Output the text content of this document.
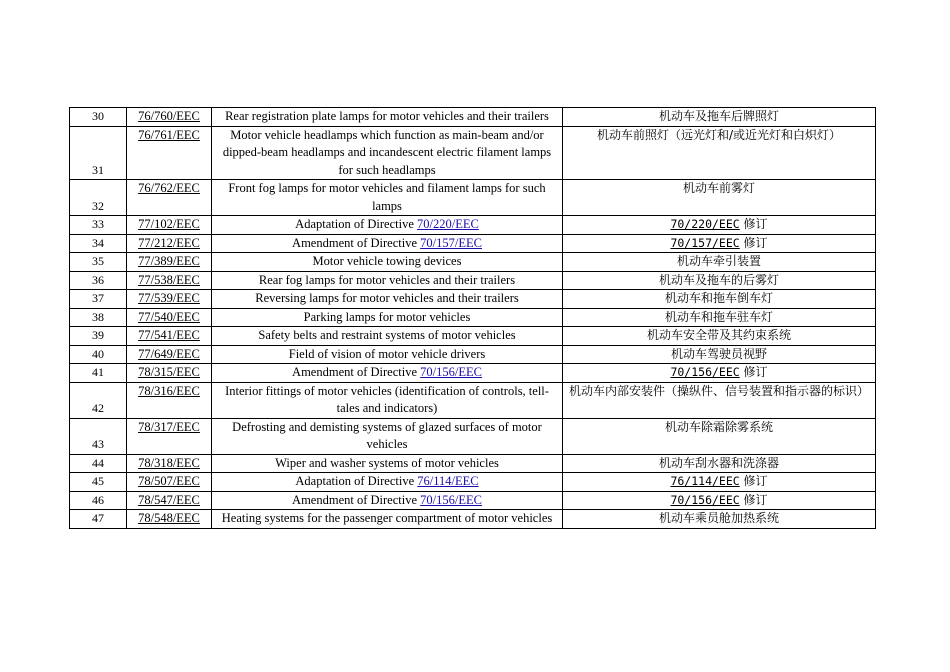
30	76/760/EEC	Rear registration plate lamps for motor vehicles and their trailers	机动车及拖车后牌照灯
31	76/761/EEC	Motor vehicle headlamps which function as main-beam and/or dipped-beam headlamps and incandescent electric filament lamps for such headlamps	机动车前照灯（远光灯和/或近光灯和白炽灯）
32	76/762/EEC	Front fog lamps for motor vehicles and filament lamps for such lamps	机动车前雾灯
33	77/102/EEC	Adaptation of Directive 70/220/EEC	70/220/EEC 修订
34	77/212/EEC	Amendment of Directive 70/157/EEC	70/157/EEC 修订
35	77/389/EEC	Motor vehicle towing devices	机动车牵引装置
36	77/538/EEC	Rear fog lamps for motor vehicles and their trailers	机动车及拖车的后雾灯
37	77/539/EEC	Reversing lamps for motor vehicles and their trailers	机动车和拖车倒车灯
38	77/540/EEC	Parking lamps for motor vehicles	机动车和拖车驻车灯
39	77/541/EEC	Safety belts and restraint systems of motor vehicles	机动车安全带及其约束系统
40	77/649/EEC	Field of vision of motor vehicle drivers	机动车驾驶员视野
41	78/315/EEC	Amendment of Directive 70/156/EEC	70/156/EEC 修订
42	78/316/EEC	Interior fittings of motor vehicles (identification of controls, tell-tales and indicators)	机动车内部安装件（操纵件、信号装置和指示器的标识）
43	78/317/EEC	Defrosting and demisting systems of glazed surfaces of motor vehicles	机动车除霜除雾系统
44	78/318/EEC	Wiper and washer systems of motor vehicles	机动车刮水器和洗涤器
45	78/507/EEC	Adaptation of Directive 76/114/EEC	76/114/EEC 修订
46	78/547/EEC	Amendment of Directive 70/156/EEC	70/156/EEC 修订
47	78/548/EEC	Heating systems for the passenger compartment of motor vehicles	机动车乘员舱加热系统
